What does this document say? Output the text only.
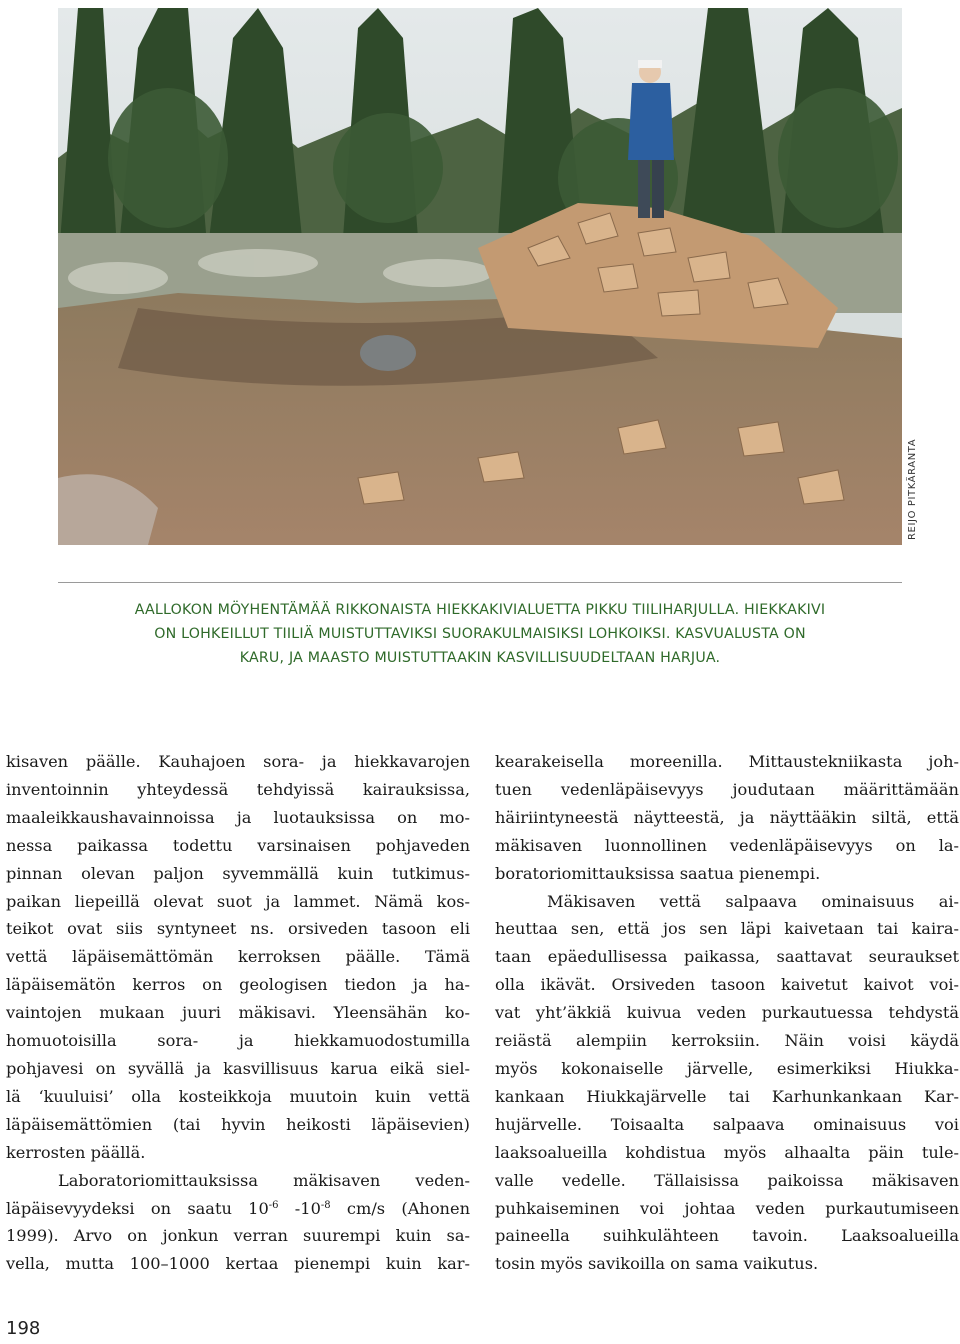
REIJO PITKÄRANTA
AALLOKON MÖYHENTÄMÄÄ RIKKONAISTA HIEKKAKIVIALUETTA PIKKU TIILIHARJULLA. HIEKKAKIVI
ON LOHKEILLUT TIILIÄ MUISTUTTAVIKSI SUORAKULMAISIKSI LOHKOIKSI. KASVUALUSTA ON
KARU, JA MAASTO MUISTUTTAAKIN KASVILLISUUDELTAAN HARJUA.
kisaven päälle. Kauhajoen sora- ja hiekkavarojen
inventoinnin yhteydessä tehdyissä kairauksissa,
maaleikkaushavainnoissa ja luotauksissa on mo-
nessa paikassa todettu varsinaisen pohjaveden
pinnan olevan paljon syvemmällä kuin tutkimus-
paikan liepeillä olevat suot ja lammet. Nämä kos-
teikot ovat siis syntyneet ns. orsiveden tasoon eli
vettä läpäisemättömän kerroksen päälle. Tämä
läpäisemätön kerros on geologisen tiedon ja ha-
vaintojen mukaan juuri mäkisavi. Yleensähän ko-
homuotoisilla sora- ja hiekkamuodostumilla
pohjavesi on syvällä ja kasvillisuus karua eikä siel-
lä ‘kuuluisi’ olla kosteikkoja muutoin kuin vettä
läpäisemättömien (tai hyvin heikosti läpäisevien)
kerrosten päällä.
Laboratoriomittauksissa mäkisaven veden-
läpäisevyydeksi on saatu $10^{-6}$ $-10^{-8}$ cm/s (Ahonen
1999). Arvo on jonkun verran suurempi kuin sa-
vella, mutta 100–1000 kertaa pienempi kuin kar-
kearakeisella moreenilla. Mittaustekniikasta joh-
tuen vedenläpäisevyys joudutaan määrittämään
häiriintyneestä näytteestä, ja näyttääkin siltä, että
mäkisaven luonnollinen vedenläpäisevyys on la-
boratoriomittauksissa saatua pienempi.
Mäkisaven vettä salpaava ominaisuus ai-
heuttaa sen, että jos sen läpi kaivetaan tai kaira-
taan epäedullisessa paikassa, saattavat seuraukset
olla ikävät. Orsiveden tasoon kaivetut kaivot voi-
vat yht’äkkiä kuivua veden purkautuessa tehdystä
reiästä alempiin kerroksiin. Näin voisi käydä
myös kokonaiselle järvelle, esimerkiksi Hiukka-
kankaan Hiukkajärvelle tai Karhunkankaan Kar-
hujärvelle. Toisaalta salpaava ominaisuus voi
laaksoalueilla kohdistua myös alhaalta päin tule-
valle vedelle. Tällaisissa paikoissa mäkisaven
puhkaiseminen voi johtaa veden purkautumiseen
paineella suihkulähteen tavoin. Laaksoalueilla
tosin myös savikoilla on sama vaikutus.
198
